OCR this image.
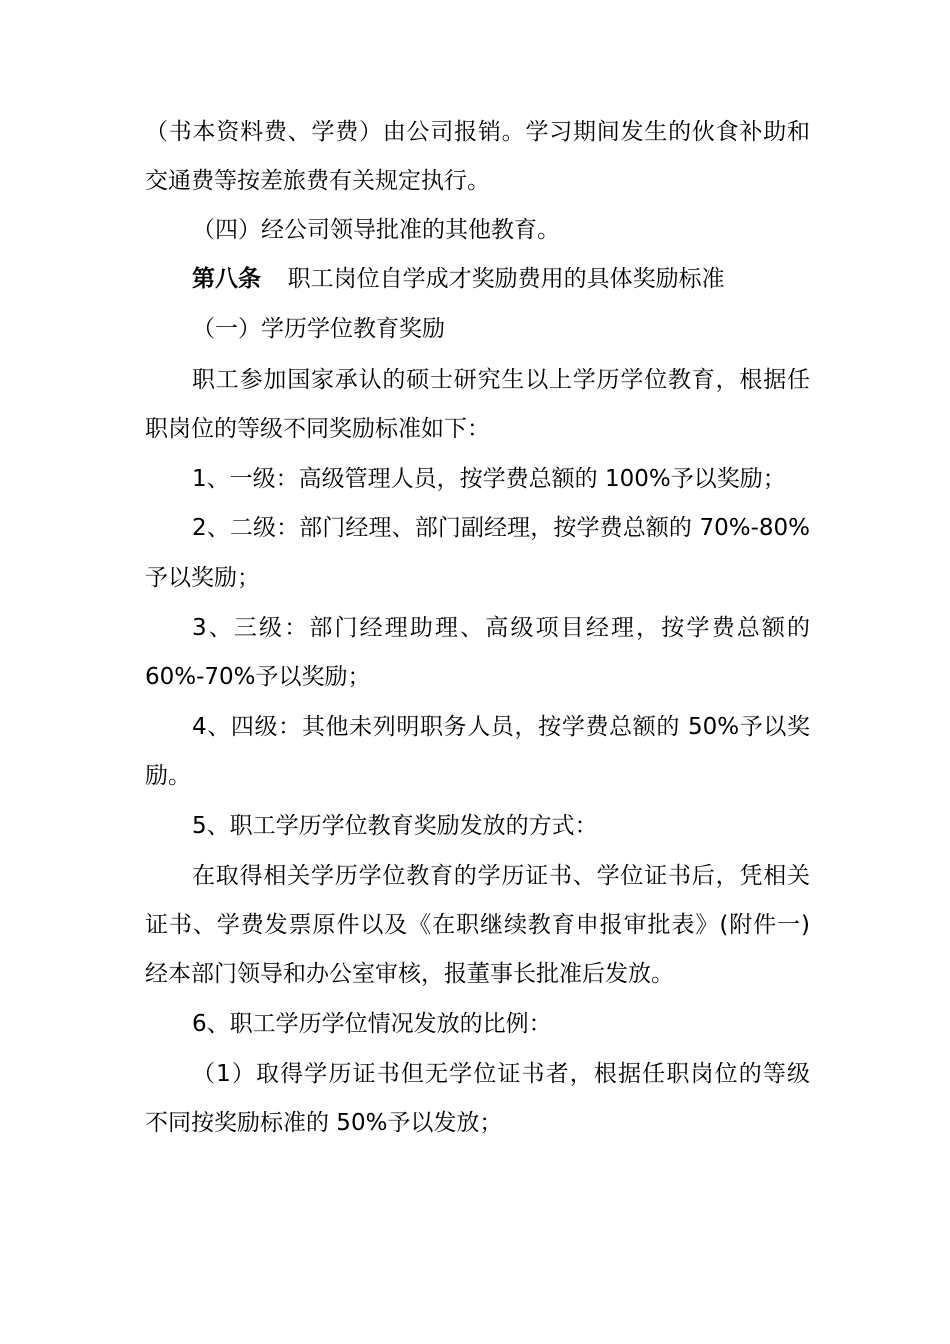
（书本资料费、学费）由公司报销。学习期间发生的伙食补助和
交通费等按差旅费有关规定执行。
（四）经公司领导批准的其他教育。
第八条 职工岗位自学成才奖励费用的具体奖励标准
（一）学历学位教育奖励
职工参加国家承认的硕士研究生以上学历学位教育，根据任
职岗位的等级不同奖励标准如下：
1、一级：高级管理人员，按学费总额的 100%予以奖励；
2、二级：部门经理、部门副经理，按学费总额的 70%-80%
予以奖励；
3、三级：部门经理助理、高级项目经理，按学费总额的
60%-70%予以奖励；
4、四级：其他未列明职务人员，按学费总额的 50%予以奖
励。
5、职工学历学位教育奖励发放的方式：
在取得相关学历学位教育的学历证书、学位证书后，凭相关
证书、学费发票原件以及《在职继续教育申报审批表》(附件一)
经本部门领导和办公室审核，报董事长批准后发放。
6、职工学历学位情况发放的比例：
（1）取得学历证书但无学位证书者，根据任职岗位的等级
不同按奖励标准的 50%予以发放；
